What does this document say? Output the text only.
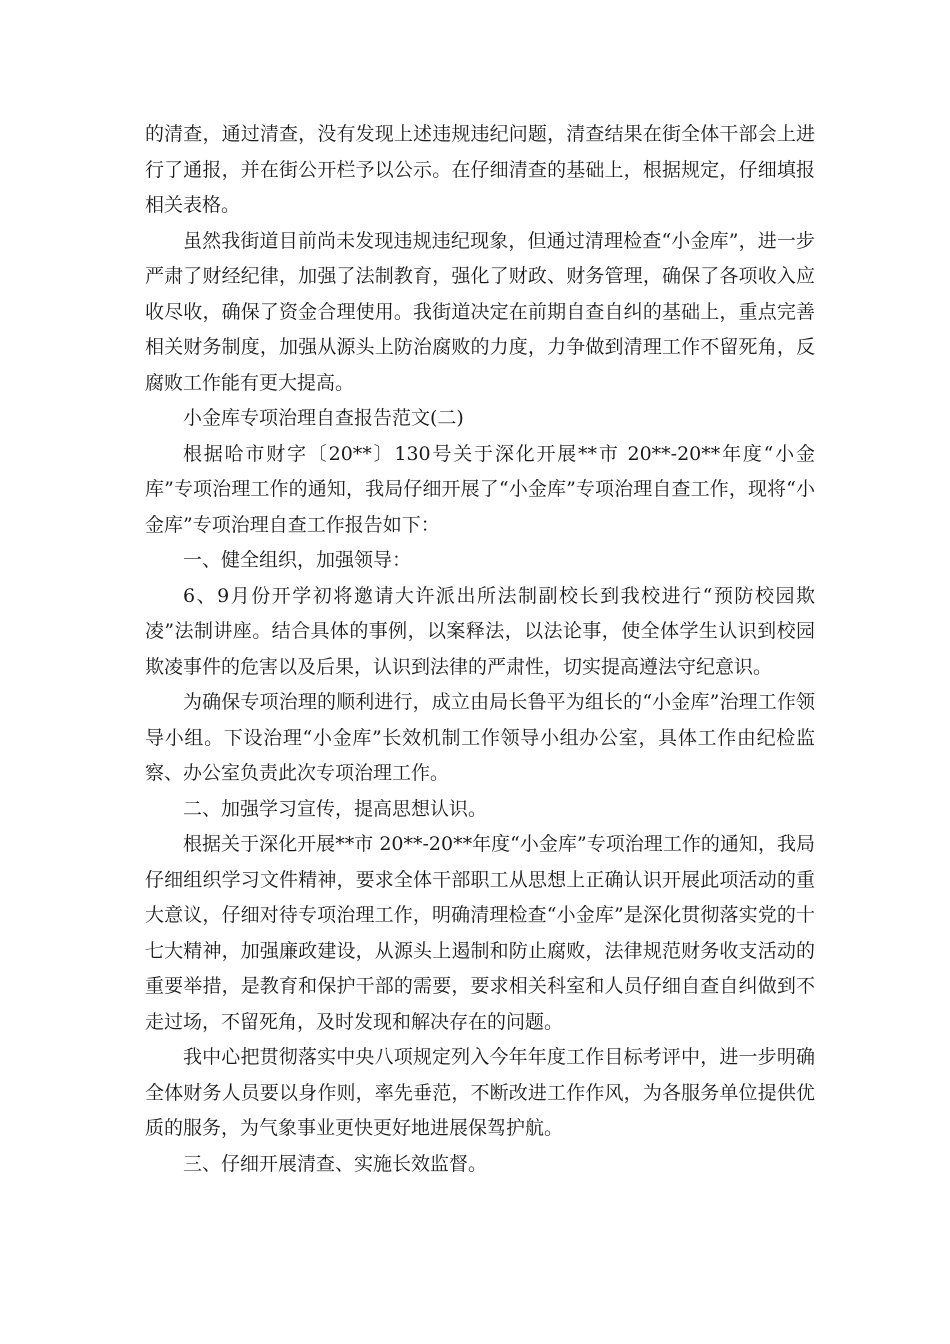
的清查，通过清查，没有发现上述违规违纪问题，清查结果在街全体干部会上进行了通报，并在街公开栏予以公示。在仔细清查的基础上，根据规定，仔细填报相关表格。

虽然我街道目前尚未发现违规违纪现象，但通过清理检查“小金库”，进一步严肃了财经纪律，加强了法制教育，强化了财政、财务管理，确保了各项收入应收尽收，确保了资金合理使用。我街道决定在前期自查自纠的基础上，重点完善相关财务制度，加强从源头上防治腐败的力度，力争做到清理工作不留死角，反腐败工作能有更大提高。

小金库专项治理自查报告范文(二)

根据哈市财字〔20**〕130号关于深化开展**市 20**-20**年度“小金库”专项治理工作的通知，我局仔细开展了“小金库”专项治理自查工作，现将“小金库”专项治理自查工作报告如下：

一、健全组织，加强领导：

6、9月份开学初将邀请大许派出所法制副校长到我校进行“预防校园欺凌”法制讲座。结合具体的事例，以案释法，以法论事，使全体学生认识到校园欺凌事件的危害以及后果，认识到法律的严肃性，切实提高遵法守纪意识。

为确保专项治理的顺利进行，成立由局长鲁平为组长的“小金库”治理工作领导小组。下设治理“小金库”长效机制工作领导小组办公室，具体工作由纪检监察、办公室负责此次专项治理工作。

二、加强学习宣传，提高思想认识。

根据关于深化开展**市 20**-20**年度“小金库”专项治理工作的通知，我局仔细组织学习文件精神，要求全体干部职工从思想上正确认识开展此项活动的重大意议，仔细对待专项治理工作，明确清理检查“小金库”是深化贯彻落实党的十七大精神，加强廉政建设，从源头上遏制和防止腐败，法律规范财务收支活动的重要举措，是教育和保护干部的需要，要求相关科室和人员仔细自查自纠做到不走过场，不留死角，及时发现和解决存在的问题。

我中心把贯彻落实中央八项规定列入今年年度工作目标考评中，进一步明确全体财务人员要以身作则，率先垂范，不断改进工作作风，为各服务单位提供优质的服务，为气象事业更快更好地进展保驾护航。

三、仔细开展清查、实施长效监督。
